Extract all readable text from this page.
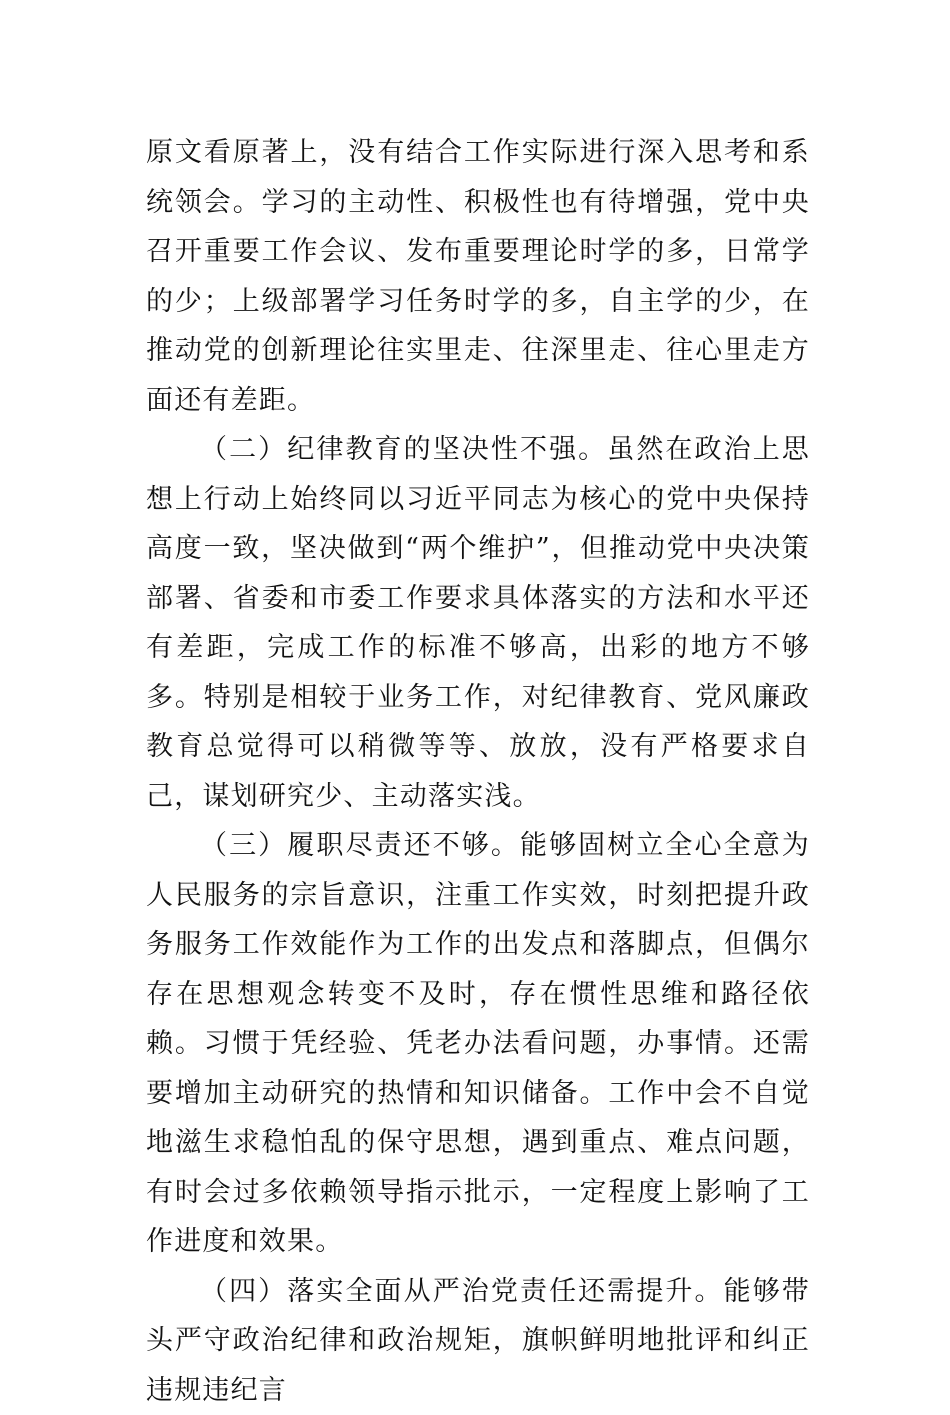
原文看原著上，没有结合工作实际进行深入思考和系统领会。学习的主动性、积极性也有待增强，党中央召开重要工作会议、发布重要理论时学的多，日常学的少；上级部署学习任务时学的多，自主学的少，在推动党的创新理论往实里走、往深里走、往心里走方面还有差距。

（二）纪律教育的坚决性不强。虽然在政治上思想上行动上始终同以习近平同志为核心的党中央保持高度一致，坚决做到“两个维护”，但推动党中央决策部署、省委和市委工作要求具体落实的方法和水平还有差距，完成工作的标准不够高，出彩的地方不够多。特别是相较于业务工作，对纪律教育、党风廉政教育总觉得可以稍微等等、放放，没有严格要求自己，谋划研究少、主动落实浅。

（三）履职尽责还不够。能够固树立全心全意为人民服务的宗旨意识，注重工作实效，时刻把提升政务服务工作效能作为工作的出发点和落脚点，但偶尔存在思想观念转变不及时，存在惯性思维和路径依赖。习惯于凭经验、凭老办法看问题，办事情。还需要增加主动研究的热情和知识储备。工作中会不自觉地滋生求稳怕乱的保守思想，遇到重点、难点问题，有时会过多依赖领导指示批示，一定程度上影响了工作进度和效果。

（四）落实全面从严治党责任还需提升。能够带头严守政治纪律和政治规矩，旗帜鲜明地批评和纠正违规违纪言
